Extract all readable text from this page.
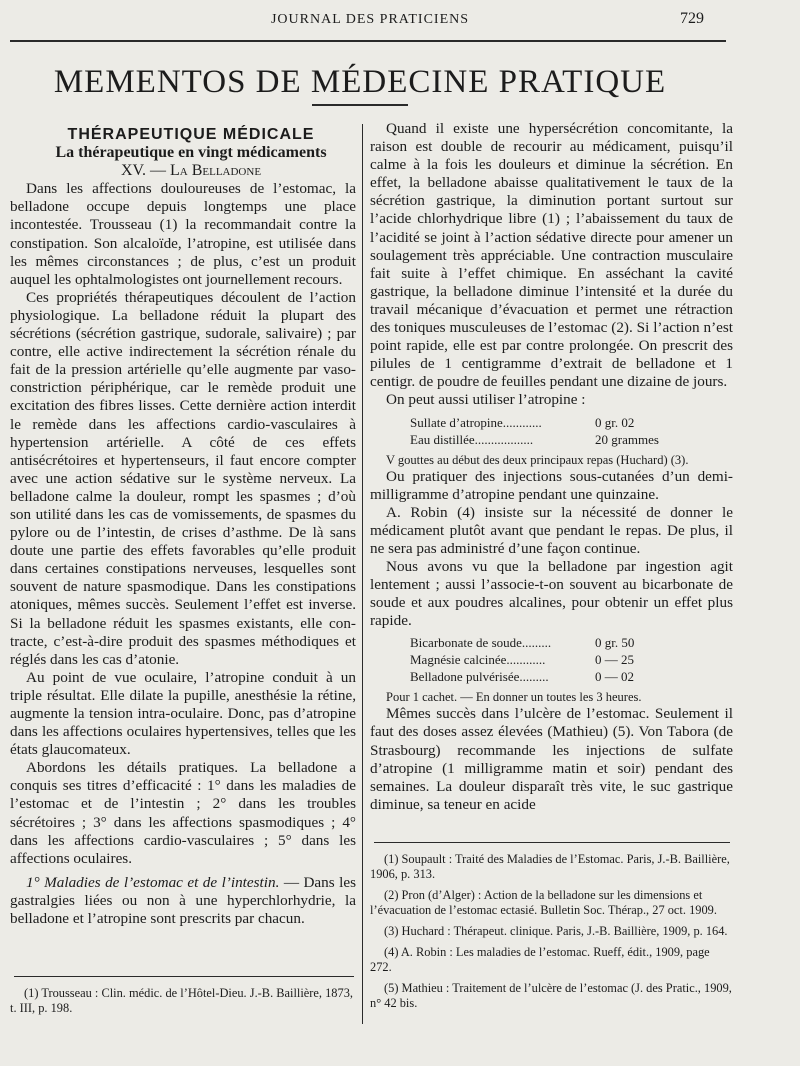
JOURNAL DES PRATICIENS	729
MEMENTOS DE MÉDECINE PRATIQUE

THÉRAPEUTIQUE MÉDICALE

La thérapeutique en vingt médicaments

XV. — La Belladone

Dans les affections douloureuses de l’estomac, la belladone occupe depuis longtemps une place incontestée. Trousseau (1) la recommandait contre la constipation. Son alcaloïde, l’atropine, est utilisée dans les mêmes circonstances ; de plus, c’est un produit auquel les ophtalmologistes ont journellement recours.

Ces propriétés thérapeutiques découlent de l’action physiologique. La belladone réduit la plupart des sécrétions (sécrétion gastrique, sudorale, salivaire) ; par contre, elle active indirectement la sécrétion rénale du fait de la pression artérielle qu’elle augmente par vaso-constriction périphérique, car le remède produit une excitation des fibres lisses. Cette dernière action interdit le remède dans les affections cardio-vasculaires à hypertension artérielle. A côté de ces effets antisécrétoires et hypertenseurs, il faut encore compter avec une action sédative sur le système nerveux. La belladone calme la douleur, rompt les spasmes ; d’où son utilité dans les cas de vomissements, de spasmes du pylore ou de l’intestin, de crises d’asthme. De là sans doute une partie des effets favorables qu’elle produit dans certaines constipations nerveuses, lesquelles sont souvent de nature spasmodique. Dans les constipations atoniques, mêmes succès. Seulement l’effet est inverse. Si la belladone réduit les spasmes existants, elle con-tracte, c’est-à-dire produit des spasmes méthodiques et réglés dans les cas d’atonie.

Au point de vue oculaire, l’atropine conduit à un triple résultat. Elle dilate la pupille, anesthésie la rétine, augmente la tension intra-oculaire. Donc, pas d’atropine dans les affections oculaires hypertensives, telles que les états glaucomateux.

Abordons les détails pratiques. La belladone a conquis ses titres d’efficacité : 1° dans les maladies de l’estomac et de l’intestin ; 2° dans les troubles sécrétoires ; 3° dans les affections spasmodiques ; 4° dans les affections cardio-vasculaires ; 5° dans les affections oculaires.

1° Maladies de l’estomac et de l’intestin. — Dans les gastralgies liées ou non à une hyperchlorhydrie, la belladone et l’atropine sont prescrits par chacun.

(1) Trousseau : Clin. médic. de l’Hôtel-Dieu. J.-B. Baillière, 1873, t. III, p. 198.

Quand il existe une hypersécrétion concomitante, la raison est double de recourir au médicament, puisqu’il calme à la fois les douleurs et diminue la sécrétion. En effet, la belladone abaisse qualitativement le taux de la sécrétion gastrique, la diminution portant surtout sur l’acide chlorhydrique libre (1) ; l’abaissement du taux de l’acidité se joint à l’action sédative directe pour amener un soulagement très appréciable. Une contraction musculaire fait suite à l’effet chimique. En asséchant la cavité gastrique, la belladone diminue l’intensité et la durée du travail mécanique d’évacuation et permet une rétraction des toniques musculeuses de l’estomac (2). Si l’action n’est point rapide, elle est par contre prolongée. On prescrit des pilules de 1 centigramme d’extrait de belladone et 1 centigr. de poudre de feuilles pendant une dizaine de jours.

On peut aussi utiliser l’atropine :

Sullate d’atropine............	0 gr. 02
Eau distillée..................	20 grammes

V gouttes au début des deux principaux repas (Huchard) (3).

Ou pratiquer des injections sous-cutanées d’un demi-milligramme d’atropine pendant une quinzaine.

A. Robin (4) insiste sur la nécessité de donner le médicament plutôt avant que pendant le repas. De plus, il ne sera pas administré d’une façon continue.

Nous avons vu que la belladone par ingestion agit lentement ; aussi l’associe-t-on souvent au bicarbonate de soude et aux poudres alcalines, pour obtenir un effet plus rapide.

Bicarbonate de soude.........	0 gr. 50
Magnésie calcinée............	0 — 25
Belladone pulvérisée.........	0 — 02

Pour 1 cachet. — En donner un toutes les 3 heures.

Mêmes succès dans l’ulcère de l’estomac. Seulement il faut des doses assez élevées (Mathieu) (5). Von Tabora (de Strasbourg) recommande les injections de sulfate d’atropine (1 milligramme matin et soir) pendant des semaines. La douleur disparaît très vite, le suc gastrique diminue, sa teneur en acide

(1) Soupault : Traité des Maladies de l’Estomac. Paris, J.-B. Baillière, 1906, p. 313.

(2) Pron (d’Alger) : Action de la belladone sur les dimensions et l’évacuation de l’estomac ectasié. Bulletin Soc. Thérap., 27 oct. 1909.

(3) Huchard : Thérapeut. clinique. Paris, J.-B. Baillière, 1909, p. 164.

(4) A. Robin : Les maladies de l’estomac. Rueff, édit., 1909, page 272.

(5) Mathieu : Traitement de l’ulcère de l’estomac (J. des Pratic., 1909, n° 42 bis.
